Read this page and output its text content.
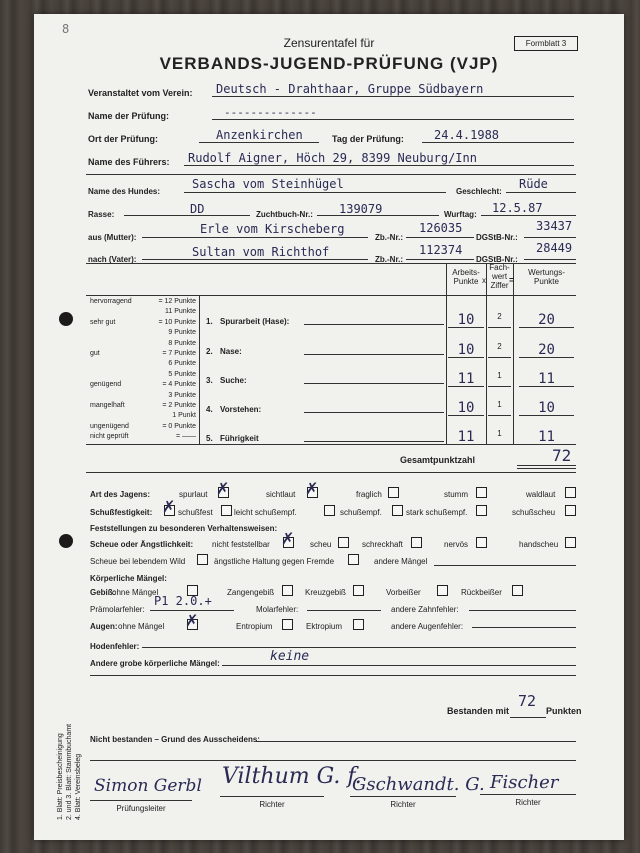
8
Zensurentafel für
VERBANDS-JUGEND-PRÜFUNG (VJP)
Formblatt 3
Veranstaltet vom Verein: Deutsch - Drahthaar, Gruppe Südbayern
Name der Prüfung:	--------------
Ort der Prüfung:	Anzenkirchen	Tag der Prüfung:	24.4.1988
Name des Führers: Rudolf Aigner, Höch 29, 8399 Neuburg/Inn
Name des Hundes:
Sascha vom Steinhügel
Geschlecht:
Rüde
Rasse:	DD	Zuchtbuch-Nr.: 139079	Wurftag: 12.5.87
aus (Mutter):
Erle vom Kirscheberg
Zb.-Nr.:
126035
DGStB-Nr.:
33437
nach (Vater):
Sultan vom Richthof
Zb.-Nr.:
112374
DGStB-Nr.:
28449
Arbeits-
Punkte x
Fach-
wert
Ziffer
=
Wertungs-
Punkte
hervorragend	= 12 Punkte
11 Punkte
sehr gut	= 10 Punkte
9 Punkte
8 Punkte
gut	= 7 Punkte
6 Punkte
5 Punkte
genügend	= 4 Punkte
3 Punkte
mangelhaft	= 2 Punkte
1 Punkt
ungenügend	= 0 Punkte
nicht geprüft	= ——
1. Spurarbeit (Hase):	10	2	20
2. Nase:	10	2	20
3. Suche:	11	1	11
4. Vorstehen:	10	1	10
5. Führigkeit	11	1	11
Gesamtpunktzahl	72
Art des Jagens:	spurlaut ✗	sichtlaut ✗	fraglich	stumm	waldlaut
Schußfestigkeit: ✗ schußfest	leicht schußempf.	schußempf.	stark schußempf.	schußscheu
Feststellungen zu besonderen Verhaltensweisen:
Scheue oder Ängstlichkeit: nicht feststellbar ✗ scheu	schreckhaft	nervös	handscheu
Scheue bei lebendem Wild	ängstliche Haltung gegen Fremde	andere Mängel
Körperliche Mängel:
Gebiß:
ohne Mängel	Zangengebiß	Kreuzgebiß	Vorbeißer	Rückbeißer
Prämolarfehler:
P1 2.0.+
Molarfehler:	andere Zahnfehler:
Augen: ohne Mängel ✗	Entropium	Ektropium	andere Augenfehler:
Hodenfehler:
Andere grobe körperliche Mängel:	keine
Bestanden mit
72
Punkten
Nicht bestanden – Grund des Ausscheidens:
1. Blatt: Preisbescheinigung 2. und 3. Blatt: Stammbuchamt 4. Blatt: Vereinsbeleg Simon Gerbl
Prüfungsleiter
Vilthum G. f.
Richter
Gschwandt. G.
Richter
Fischer
Richter
